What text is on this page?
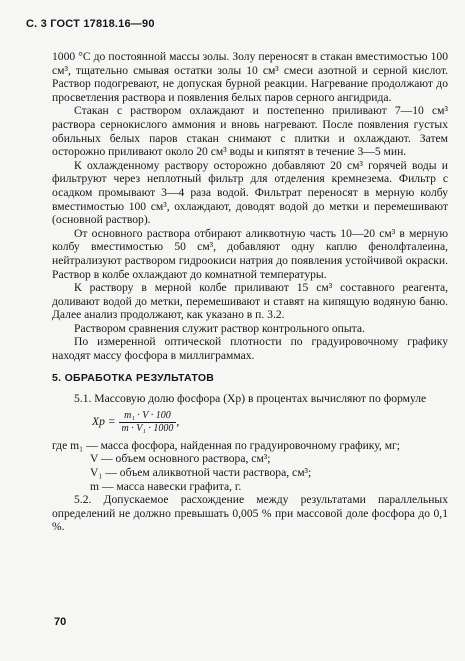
С. 3 ГОСТ 17818.16—90

1000 °С до постоянной массы золы. Золу переносят в стакан вместимостью 100 см³, тщательно смывая остатки золы 10 см³ смеси азотной и серной кислот. Раствор подогревают, не допуская бурной реакции. Нагревание продолжают до просветления раствора и появления белых паров серного ангидрида.

Стакан с раствором охлаждают и постепенно приливают 7—10 см³ раствора сернокислого аммония и вновь нагревают. После появления густых обильных белых паров стакан снимают с плитки и охлаждают. Затем осторожно приливают около 20 см³ воды и кипятят в течение 3—5 мин.

К охлажденному раствору осторожно добавляют 20 см³ горячей воды и фильтруют через неплотный фильтр для отделения кремнезема. Фильтр с осадком промывают 3—4 раза водой. Фильтрат переносят в мерную колбу вместимостью 100 см³, охлаждают, доводят водой до метки и перемешивают (основной раствор).

От основного раствора отбирают аликвотную часть 10—20 см³ в мерную колбу вместимостью 50 см³, добавляют одну каплю фенолфталеина, нейтрализуют раствором гидроокиси натрия до появления устойчивой окраски. Раствор в колбе охлаждают до комнатной температуры.

К раствору в мерной колбе приливают 15 см³ составного реагента, доливают водой до метки, перемешивают и ставят на кипящую водяную баню. Далее анализ продолжают, как указано в п. 3.2.

Раствором сравнения служит раствор контрольного опыта.

По измеренной оптической плотности по градуировочному графику находят массу фосфора в миллиграммах.

5. ОБРАБОТКА РЕЗУЛЬТАТОВ

5.1. Массовую долю фосфора (Xр) в процентах вычисляют по формуле

Xр = $\frac{\text{m₁ · V · 100}}{\text{m · V₁ · 1000}}$ ,

где m₁ — масса фосфора, найденная по градуировочному графику, мг;

V — объем основного раствора, см³;

V₁ — объем аликвотной части раствора, см³;

m — масса навески графита, г.

5.2. Допускаемое расхождение между результатами параллельных определений не должно превышать 0,005 % при массовой доле фосфора до 0,1 %.

70
